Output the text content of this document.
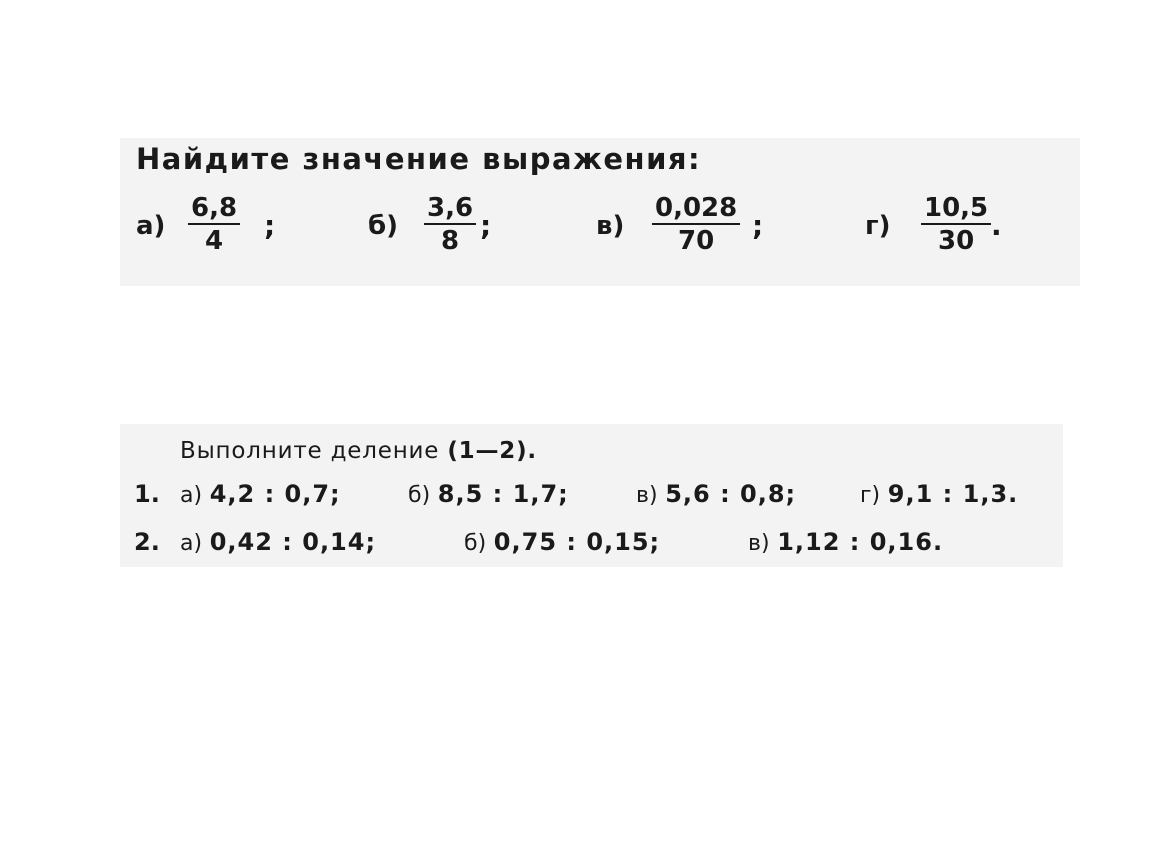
Найдите значение выражения:
а)
6,8
4 ;	б)
3,6
8 ;	в)
0,028
70 ;	г)
10,5
30 .
Выполните деление (1—2).
1. а) 4,2 : 0,7;	б) 8,5 : 1,7;	в) 5,6 : 0,8;	г) 9,1 : 1,3.
2. а) 0,42 : 0,14;	б) 0,75 : 0,15;	в) 1,12 : 0,16.
